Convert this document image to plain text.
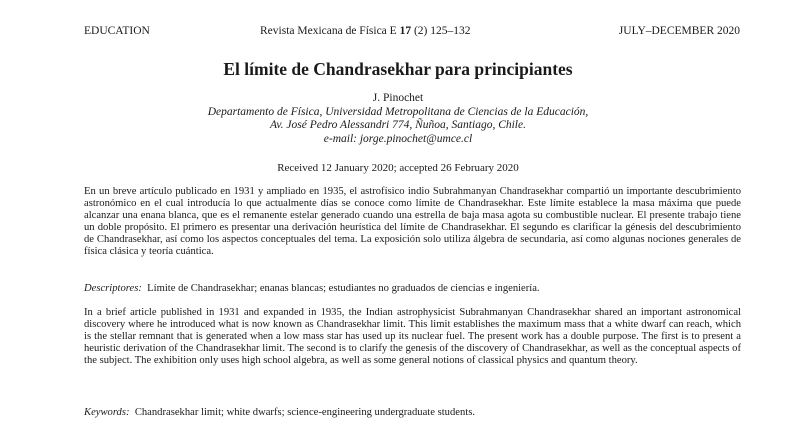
EDUCATION	Revista Mexicana de Física E 17 (2) 125–132	JULY–DECEMBER 2020
El límite de Chandrasekhar para principiantes
J. Pinochet
Departamento de Física, Universidad Metropolitana de Ciencias de la Educación,
Av. José Pedro Alessandri 774, Ñuñoa, Santiago, Chile.
e-mail: jorge.pinochet@umce.cl
Received 12 January 2020; accepted 26 February 2020

En un breve artículo publicado en 1931 y ampliado en 1935, el astrofísico indio Subrahmanyan Chandrasekhar compartió un importante descubrimiento astronómico en el cual introducía lo que actualmente días se conoce como límite de Chandrasekhar. Este límite establece la masa máxima que puede alcanzar una enana blanca, que es el remanente estelar generado cuando una estrella de baja masa agota su combustible nuclear. El presente trabajo tiene un doble propósito. El primero es presentar una derivación heurística del límite de Chandrasekhar. El segundo es clarificar la génesis del descubrimiento de Chandrasekhar, así como los aspectos conceptuales del tema. La exposición solo utiliza álgebra de secundaria, así como algunas nociones generales de física clásica y teoría cuántica.

Descriptores: Límite de Chandrasekhar; enanas blancas; estudiantes no graduados de ciencias e ingeniería.

In a brief article published in 1931 and expanded in 1935, the Indian astrophysicist Subrahmanyan Chandrasekhar shared an important astronomical discovery where he introduced what is now known as Chandrasekhar limit. This limit establishes the maximum mass that a white dwarf can reach, which is the stellar remnant that is generated when a low mass star has used up its nuclear fuel. The present work has a double purpose. The first is to present a heuristic derivation of the Chandrasekhar limit. The second is to clarify the genesis of the discovery of Chandrasekhar, as well as the conceptual aspects of the subject. The exhibition only uses high school algebra, as well as some general notions of classical physics and quantum theory.

Keywords: Chandrasekhar limit; white dwarfs; science-engineering undergraduate students.
